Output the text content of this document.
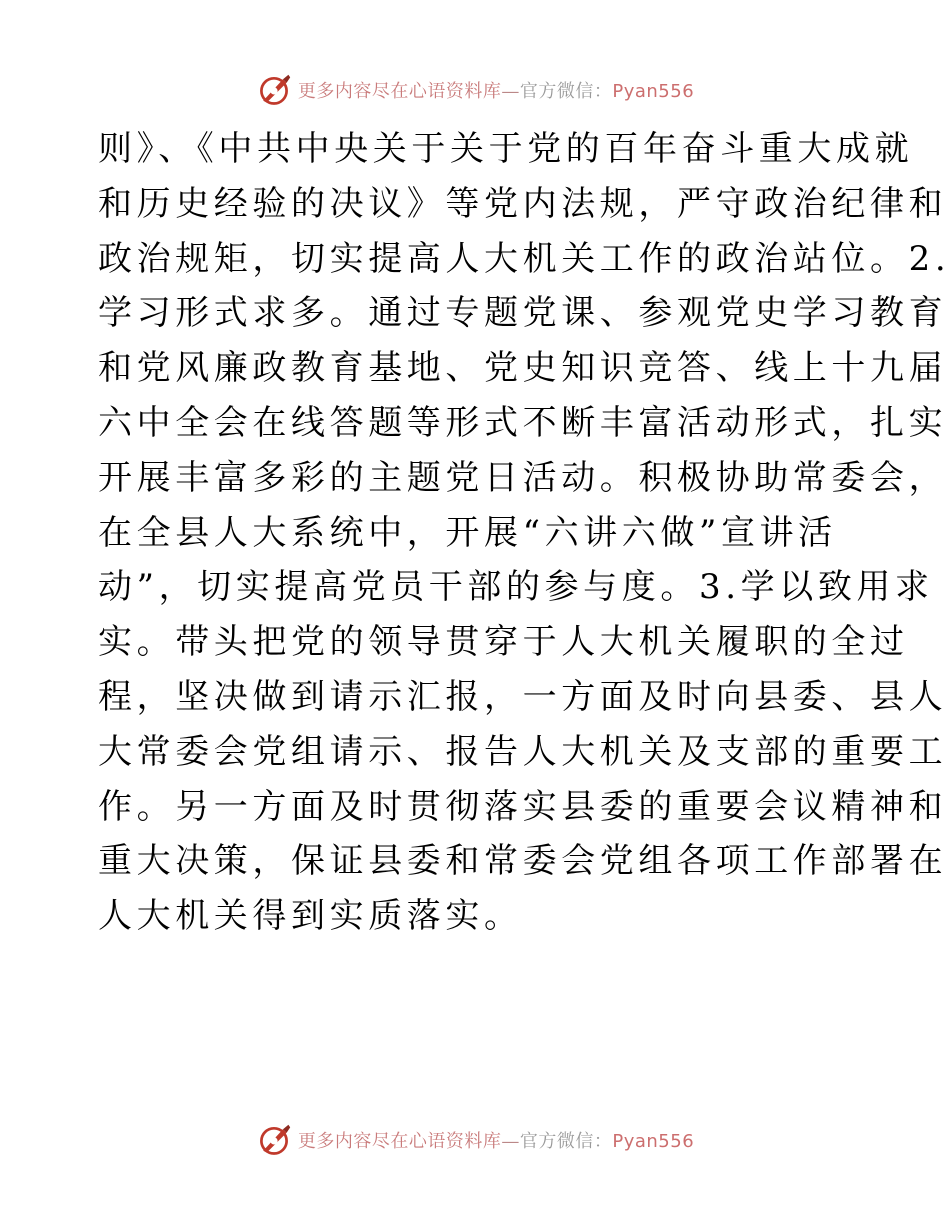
更多内容尽在心语资料库—官方微信：Pyan556
则》、《中共中央关于关于党的百年奋斗重大成就
和历史经验的决议》等党内法规，严守政治纪律和
政治规矩，切实提高人大机关工作的政治站位。2.
学习形式求多。通过专题党课、参观党史学习教育
和党风廉政教育基地、党史知识竞答、线上十九届
六中全会在线答题等形式不断丰富活动形式，扎实
开展丰富多彩的主题党日活动。积极协助常委会，
在全县人大系统中，开展“六讲六做”宣讲活
动”，切实提高党员干部的参与度。3.学以致用求
实。带头把党的领导贯穿于人大机关履职的全过
程，坚决做到请示汇报，一方面及时向县委、县人
大常委会党组请示、报告人大机关及支部的重要工
作。另一方面及时贯彻落实县委的重要会议精神和
重大决策，保证县委和常委会党组各项工作部署在
人大机关得到实质落实。
更多内容尽在心语资料库—官方微信：Pyan556
